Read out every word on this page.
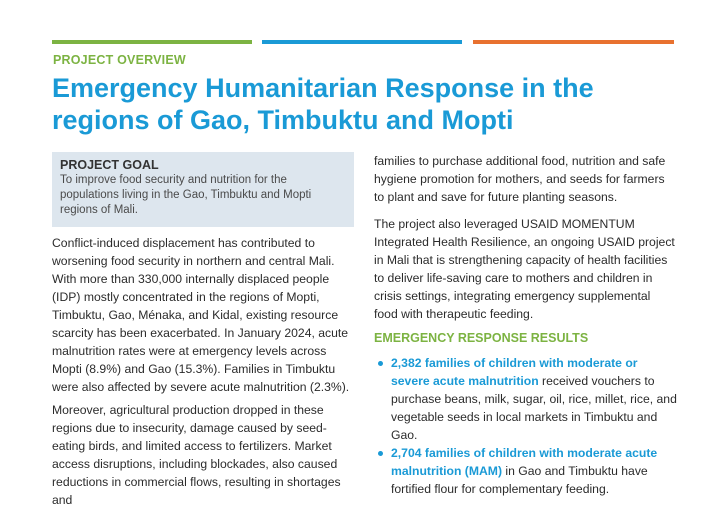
PROJECT OVERVIEW
Emergency Humanitarian Response in the regions of Gao, Timbuktu and Mopti
PROJECT GOAL
To improve food security and nutrition for the populations living in the Gao, Timbuktu and Mopti regions of Mali.

Conflict-induced displacement has contributed to worsening food security in northern and central Mali. With more than 330,000 internally displaced people (IDP) mostly concentrated in the regions of Mopti, Timbuktu, Gao, Ménaka, and Kidal, existing resource scarcity has been exacerbated. In January 2024, acute malnutrition rates were at emergency levels across Mopti (8.9%) and Gao (15.3%). Families in Timbuktu were also affected by severe acute malnutrition (2.3%).

Moreover, agricultural production dropped in these regions due to insecurity, damage caused by seed-eating birds, and limited access to fertilizers. Market access disruptions, including blockades, also caused reductions in commercial flows, resulting in shortages and

families to purchase additional food, nutrition and safe hygiene promotion for mothers, and seeds for farmers to plant and save for future planting seasons.

The project also leveraged USAID MOMENTUM Integrated Health Resilience, an ongoing USAID project in Mali that is strengthening capacity of health facilities to deliver life-saving care to mothers and children in crisis settings, integrating emergency supplemental food with therapeutic feeding.

EMERGENCY RESPONSE RESULTS
2,382 families of children with moderate or severe acute malnutrition received vouchers to purchase beans, milk, sugar, oil, rice, millet, rice, and vegetable seeds in local markets in Timbuktu and Gao.
2,704 families of children with moderate acute malnutrition (MAM) in Gao and Timbuktu have fortified flour for complementary feeding.
